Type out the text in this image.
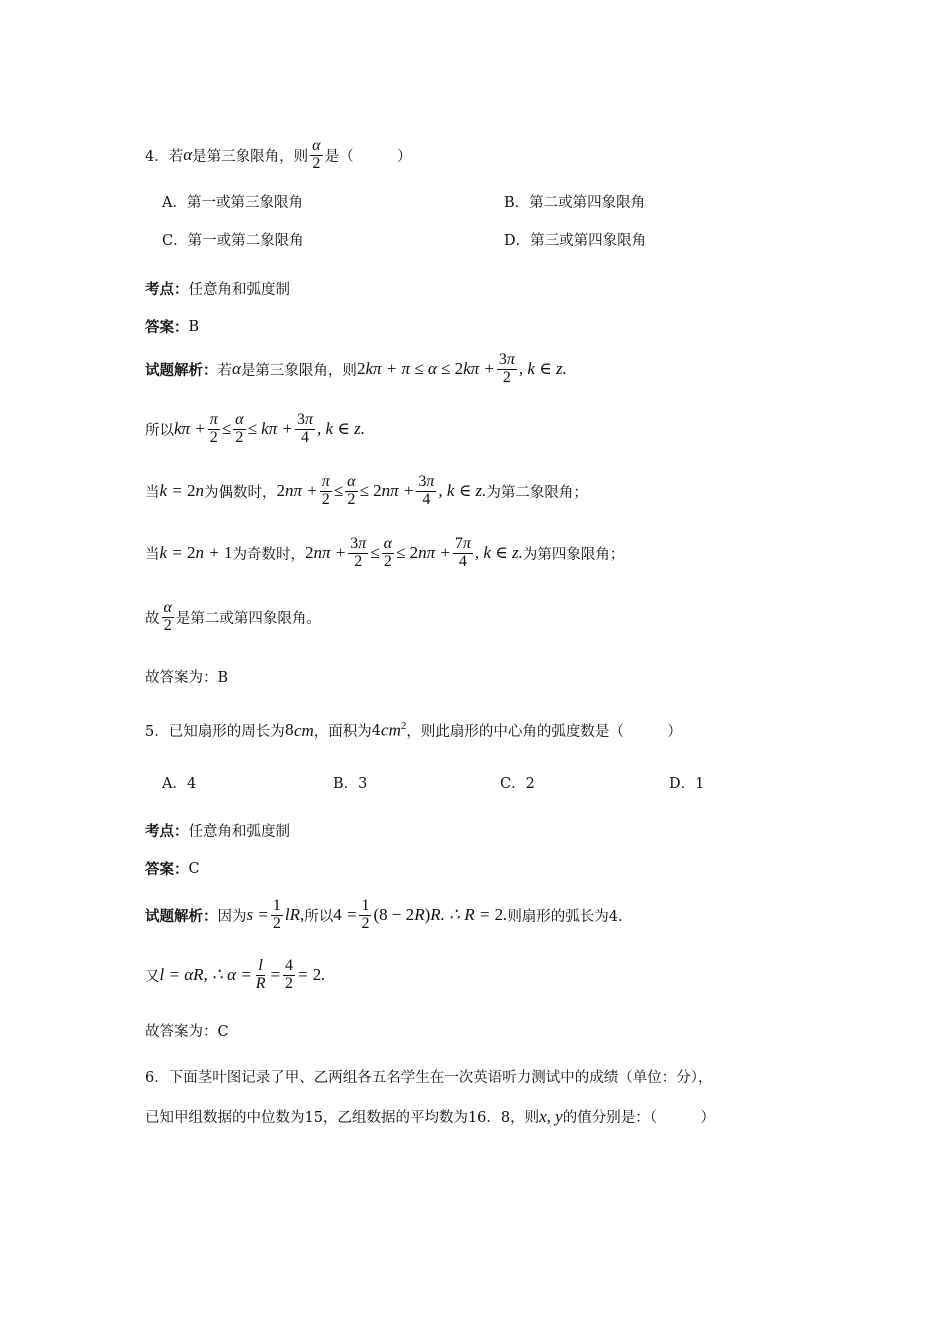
4．若 α 是第三象限角，则 $\frac{\alpha}{2}$ 是（　　　）
A．第一或第三象限角	B．第二或第四象限角
C．第一或第二象限角	D．第三或第四象限角
考点： 任意角和弧度制
答案： B
试题解析： 若 α 是第三象限角，则 $2k\pi + \pi \le \alpha \le 2k\pi + \frac{3\pi}{2}$ , k ∈ z.
所以 $k\pi + \frac{\pi}{2} \le \frac{\alpha}{2} \le k\pi + \frac{3\pi}{4}$ , k ∈ z.
当 k = 2n 为偶数时， $2n\pi + \frac{\pi}{2} \le \frac{\alpha}{2} \le 2n\pi + \frac{3\pi}{4}$ , k ∈ z. 为第二象限角；
当 k = 2n + 1 为奇数时， $2n\pi + \frac{3\pi}{2} \le \frac{\alpha}{2} \le 2n\pi + \frac{7\pi}{4}$ , k ∈ z. 为第四象限角；
故 $\frac{\alpha}{2}$ 是第二或第四象限角。
故答案为：B
5．已知扇形的周长为 8 cm ，面积为 4 $cm^2$ ，则此扇形的中心角的弧度数是（　　　）
A．4	B．3	C．2	D．1
考点： 任意角和弧度制
答案： C
试题解析： 因为 $s = \frac{1}{2}$ lR, 所以 $4 = \frac{1}{2} (8 - 2R)R$. ∴ R = 2. 则扇形的弧长为4.
又 l = αR, ∴ $\alpha = \frac{l}{R} = \frac{4}{2} = 2$.
故答案为：C
6．下面茎叶图记录了甲、乙两组各五名学生在一次英语听力测试中的成绩（单位：分），
已知甲组数据的中位数为15，乙组数据的平均数为16．8，则 x, y 的值分别是：（　　　）
